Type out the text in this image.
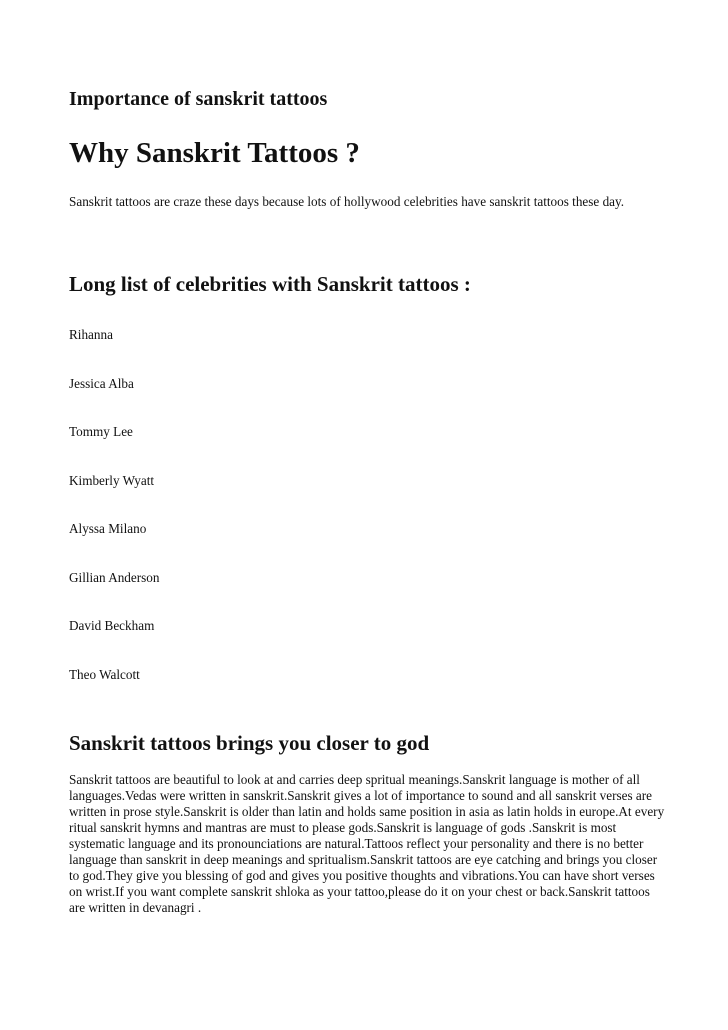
Importance of sanskrit tattoos
Why Sanskrit Tattoos ?

Sanskrit tattoos are craze these days because lots of hollywood celebrities have sanskrit tattoos these day.

Long list of celebrities with Sanskrit tattoos :
Rihanna
Jessica Alba
Tommy Lee
Kimberly Wyatt
Alyssa Milano
Gillian Anderson
David Beckham
Theo Walcott
Sanskrit tattoos brings you closer to god

Sanskrit tattoos are beautiful to look at and carries deep spritual meanings.Sanskrit language is mother of all languages.Vedas were written in sanskrit.Sanskrit gives a lot of importance to sound and all sanskrit verses are written in prose style.Sanskrit is older than latin and holds same position in asia as latin holds in europe.At every ritual sanskrit hymns and mantras are must to please gods.Sanskrit is language of gods .Sanskrit is most systematic language and its pronounciations are natural.Tattoos reflect your personality and there is no better language than sanskrit in deep meanings and spritualism.Sanskrit tattoos are eye catching and brings you closer to god.They give you blessing of god and gives you positive thoughts and vibrations.You can have short verses on wrist.If you want complete sanskrit shloka as your tattoo,please do it on your chest or back.Sanskrit tattoos are written in devanagri .
